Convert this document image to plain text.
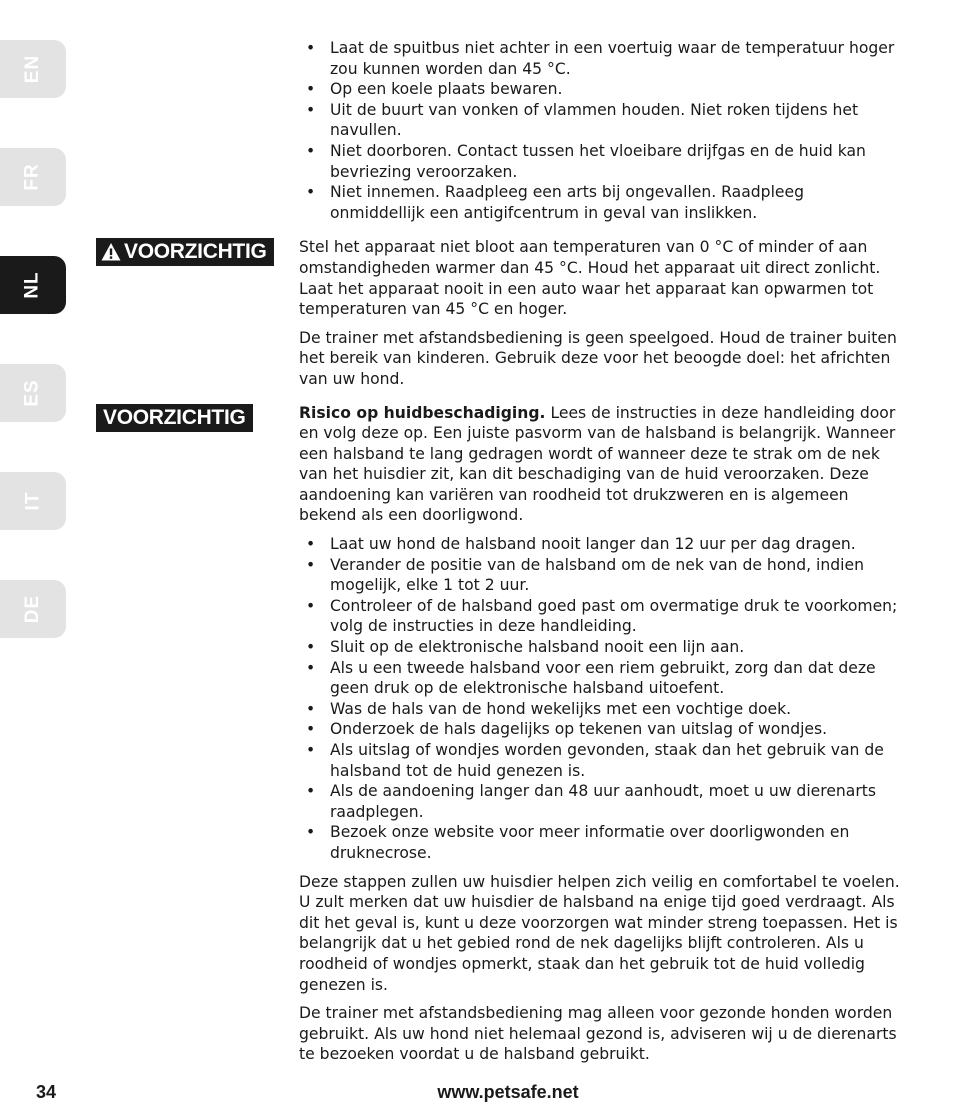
EN
FR
NL
ES
IT
DE
• Laat de spuitbus niet achter in een voertuig waar de temperatuur hoger zou kunnen worden dan 45 °C.
• Op een koele plaats bewaren.
• Uit de buurt van vonken of vlammen houden. Niet roken tijdens het navullen.
• Niet doorboren. Contact tussen het vloeibare drijfgas en de huid kan bevriezing veroorzaken.
• Niet innemen. Raadpleeg een arts bij ongevallen. Raadpleeg onmiddellijk een antigifcentrum in geval van inslikken.
VOORZICHTIG Stel het apparaat niet bloot aan temperaturen van 0 °C of minder of aan omstandigheden warmer dan 45 °C. Houd het apparaat uit direct zonlicht. Laat het apparaat nooit in een auto waar het apparaat kan opwarmen tot temperaturen van 45 °C en hoger.

De trainer met afstandsbediening is geen speelgoed. Houd de trainer buiten het bereik van kinderen. Gebruik deze voor het beoogde doel: het africhten van uw hond.

VOORZICHTIG	Risico op huidbeschadiging. Lees de instructies in deze handleiding door en volg deze op. Een juiste pasvorm van de halsband is belangrijk. Wanneer een halsband te lang gedragen wordt of wanneer deze te strak om de nek van het huisdier zit, kan dit beschadiging van de huid veroorzaken. Deze aandoening kan variëren van roodheid tot drukzweren en is algemeen bekend als een doorligwond.

• Laat uw hond de halsband nooit langer dan 12 uur per dag dragen.
• Verander de positie van de halsband om de nek van de hond, indien mogelijk, elke 1 tot 2 uur.
• Controleer of de halsband goed past om overmatige druk te voorkomen; volg de instructies in deze handleiding.
• Sluit op de elektronische halsband nooit een lijn aan.
• Als u een tweede halsband voor een riem gebruikt, zorg dan dat deze geen druk op de elektronische halsband uitoefent.
• Was de hals van de hond wekelijks met een vochtige doek.
• Onderzoek de hals dagelijks op tekenen van uitslag of wondjes.
• Als uitslag of wondjes worden gevonden, staak dan het gebruik van de halsband tot de huid genezen is.
• Als de aandoening langer dan 48 uur aanhoudt, moet u uw dierenarts raadplegen.
• Bezoek onze website voor meer informatie over doorligwonden en druknecrose.

Deze stappen zullen uw huisdier helpen zich veilig en comfortabel te voelen. U zult merken dat uw huisdier de halsband na enige tijd goed verdraagt. Als dit het geval is, kunt u deze voorzorgen wat minder streng toepassen. Het is belangrijk dat u het gebied rond de nek dagelijks blijft controleren. Als u roodheid of wondjes opmerkt, staak dan het gebruik tot de huid volledig genezen is.

De trainer met afstandsbediening mag alleen voor gezonde honden worden gebruikt. Als uw hond niet helemaal gezond is, adviseren wij u de dierenarts te bezoeken voordat u de halsband gebruikt.

34	www.petsafe.net
